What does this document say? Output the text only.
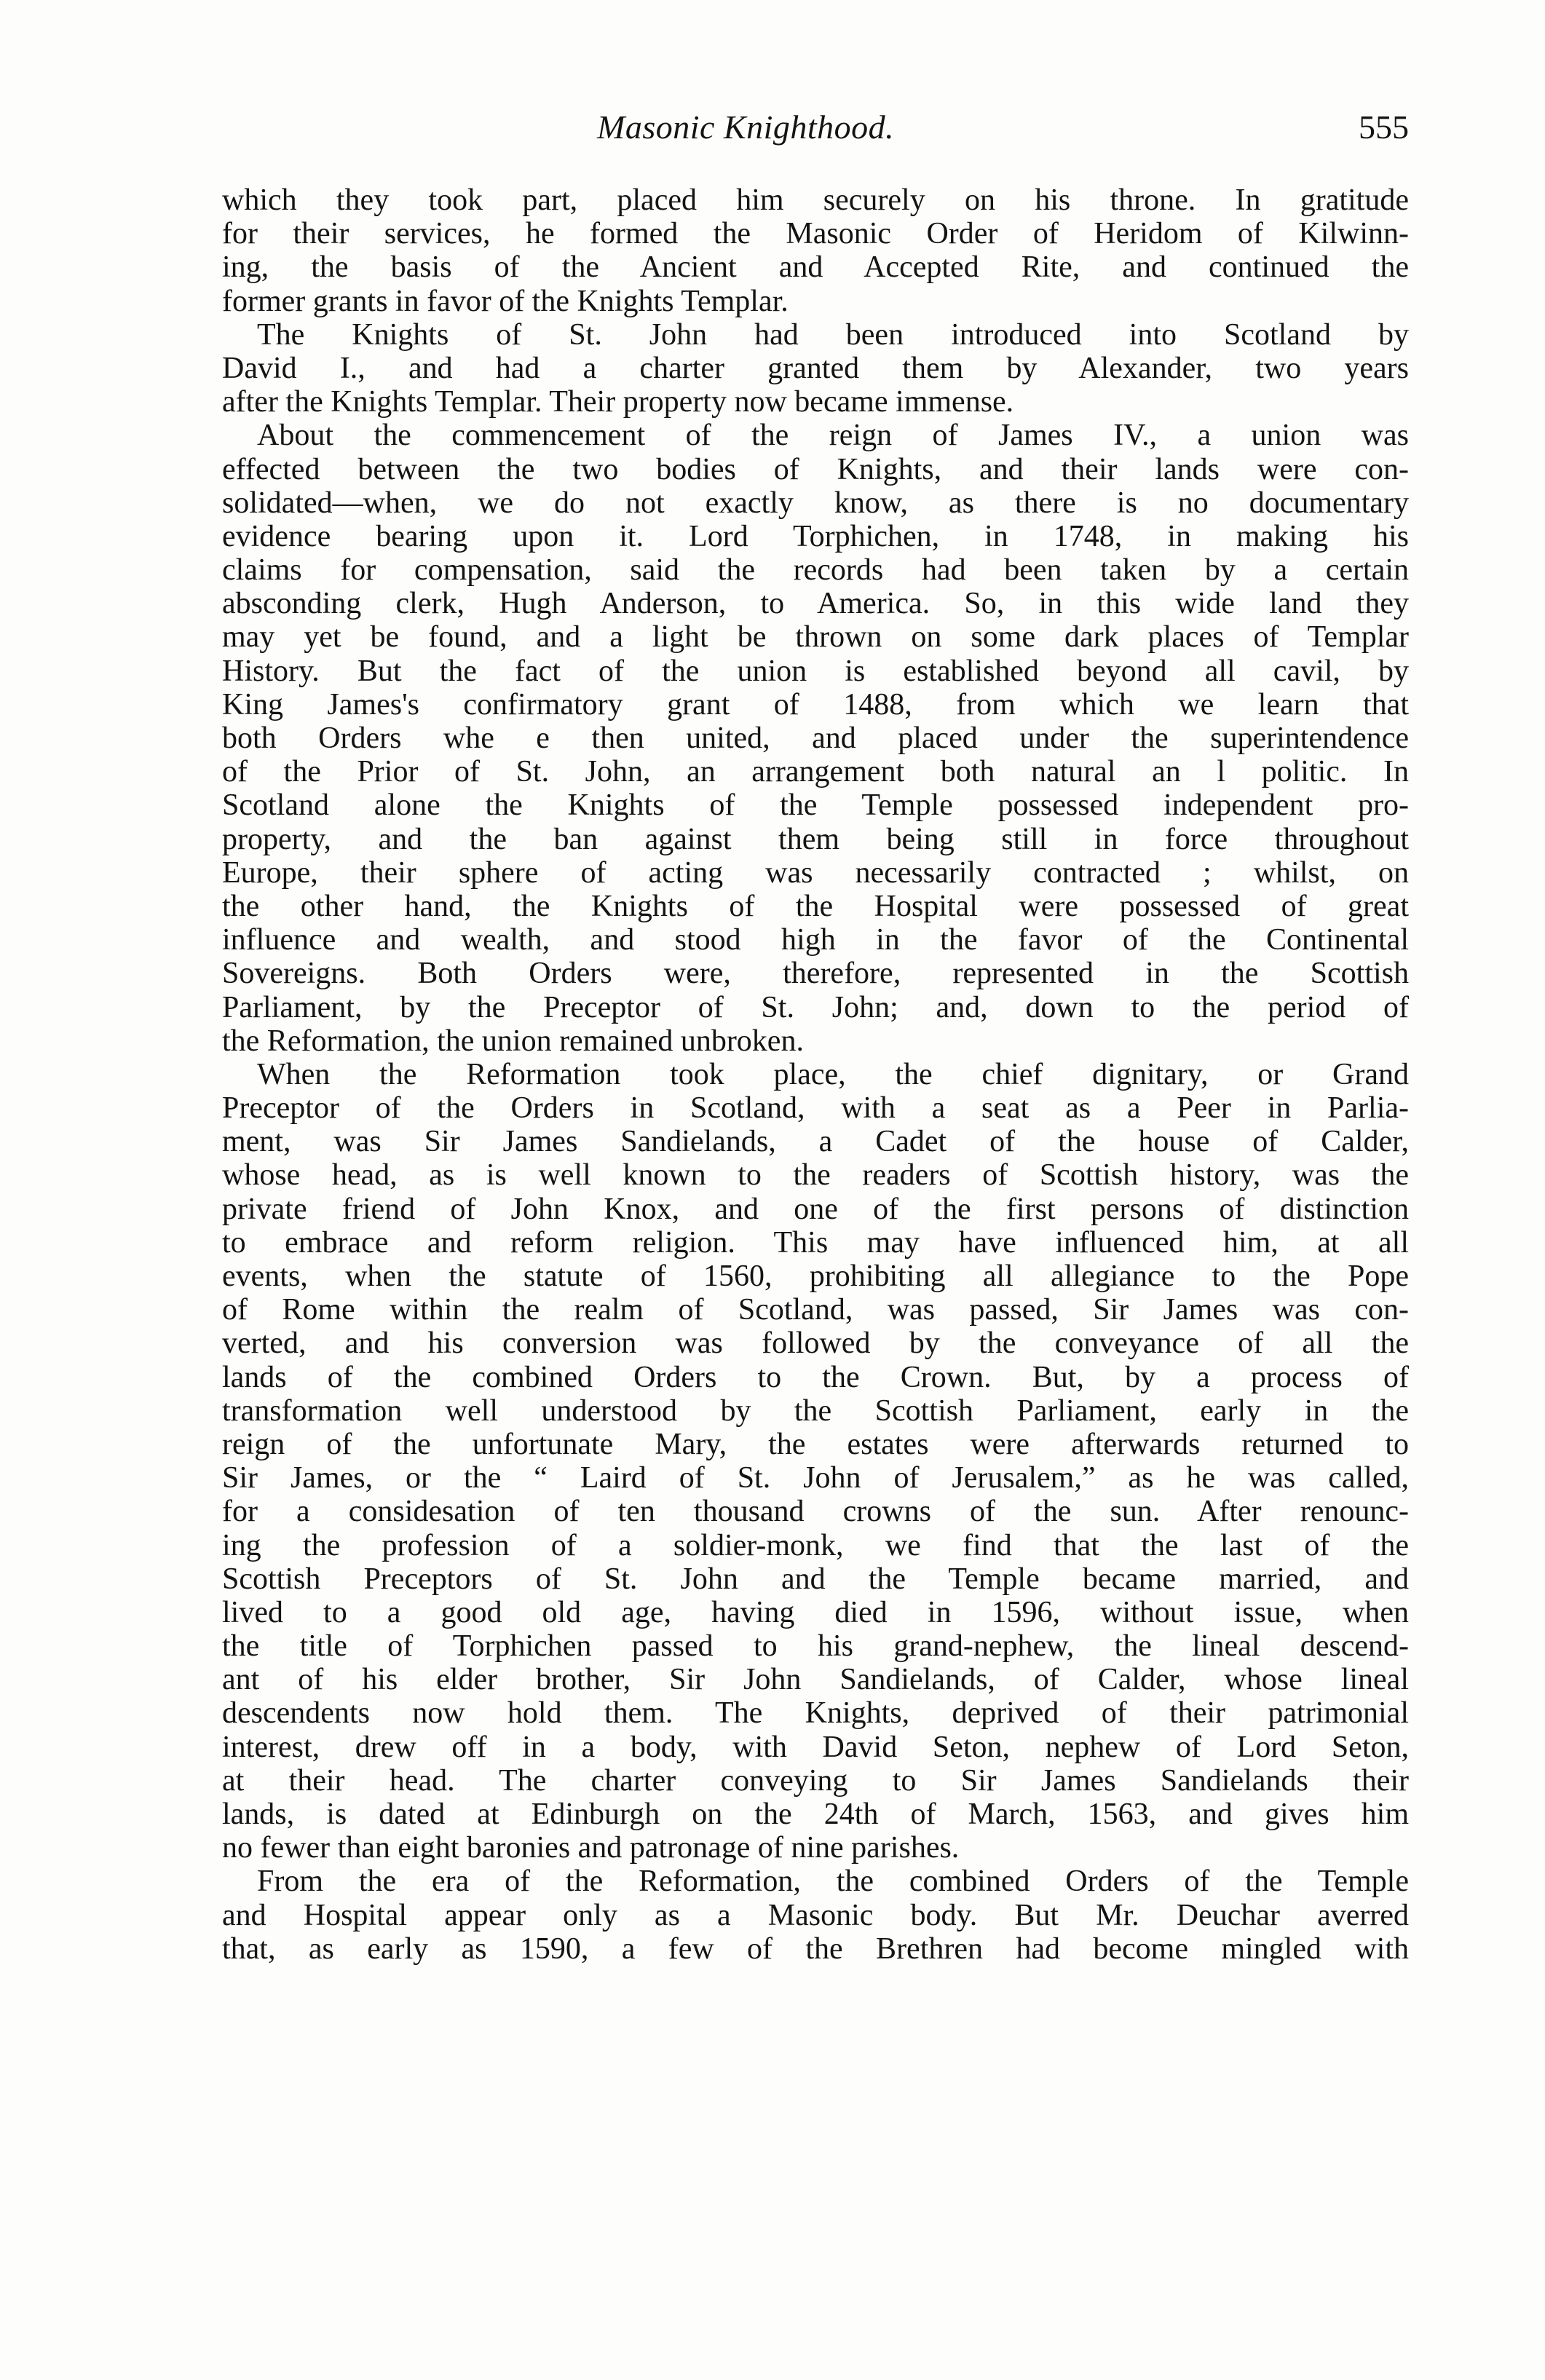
Masonic Knighthood.	555
which they took part, placed him securely on his throne. In gratitude
for their services, he formed the Masonic Order of Heridom of Kilwinn-
ing, the basis of the Ancient and Accepted Rite, and continued the
former grants in favor of the Knights Templar.
The Knights of St. John had been introduced into Scotland by
David I., and had a charter granted them by Alexander, two years
after the Knights Templar. Their property now became immense.
About the commencement of the reign of James IV., a union was
effected between the two bodies of Knights, and their lands were con-
solidated—when, we do not exactly know, as there is no documentary
evidence bearing upon it. Lord Torphichen, in 1748, in making his
claims for compensation, said the records had been taken by a certain
absconding clerk, Hugh Anderson, to America. So, in this wide land they
may yet be found, and a light be thrown on some dark places of Templar
History. But the fact of the union is established beyond all cavil, by
King James's confirmatory grant of 1488, from which we learn that
both Orders whe e then united, and placed under the superintendence
of the Prior of St. John, an arrangement both natural an l politic. In
Scotland alone the Knights of the Temple possessed independent pro-
property, and the ban against them being still in force throughout
Europe, their sphere of acting was necessarily contracted ; whilst, on
the other hand, the Knights of the Hospital were possessed of great
influence and wealth, and stood high in the favor of the Continental
Sovereigns. Both Orders were, therefore, represented in the Scottish
Parliament, by the Preceptor of St. John; and, down to the period of
the Reformation, the union remained unbroken.
When the Reformation took place, the chief dignitary, or Grand
Preceptor of the Orders in Scotland, with a seat as a Peer in Parlia-
ment, was Sir James Sandielands, a Cadet of the house of Calder,
whose head, as is well known to the readers of Scottish history, was the
private friend of John Knox, and one of the first persons of distinction
to embrace and reform religion. This may have influenced him, at all
events, when the statute of 1560, prohibiting all allegiance to the Pope
of Rome within the realm of Scotland, was passed, Sir James was con-
verted, and his conversion was followed by the conveyance of all the
lands of the combined Orders to the Crown. But, by a process of
transformation well understood by the Scottish Parliament, early in the
reign of the unfortunate Mary, the estates were afterwards returned to
Sir James, or the “ Laird of St. John of Jerusalem,” as he was called,
for a considesation of ten thousand crowns of the sun. After renounc-
ing the profession of a soldier-monk, we find that the last of the
Scottish Preceptors of St. John and the Temple became married, and
lived to a good old age, having died in 1596, without issue, when
the title of Torphichen passed to his grand-nephew, the lineal descend-
ant of his elder brother, Sir John Sandielands, of Calder, whose lineal
descendents now hold them. The Knights, deprived of their patrimonial
interest, drew off in a body, with David Seton, nephew of Lord Seton,
at their head. The charter conveying to Sir James Sandielands their
lands, is dated at Edinburgh on the 24th of March, 1563, and gives him
no fewer than eight baronies and patronage of nine parishes.
From the era of the Reformation, the combined Orders of the Temple
and Hospital appear only as a Masonic body. But Mr. Deuchar averred
that, as early as 1590, a few of the Brethren had become mingled with
